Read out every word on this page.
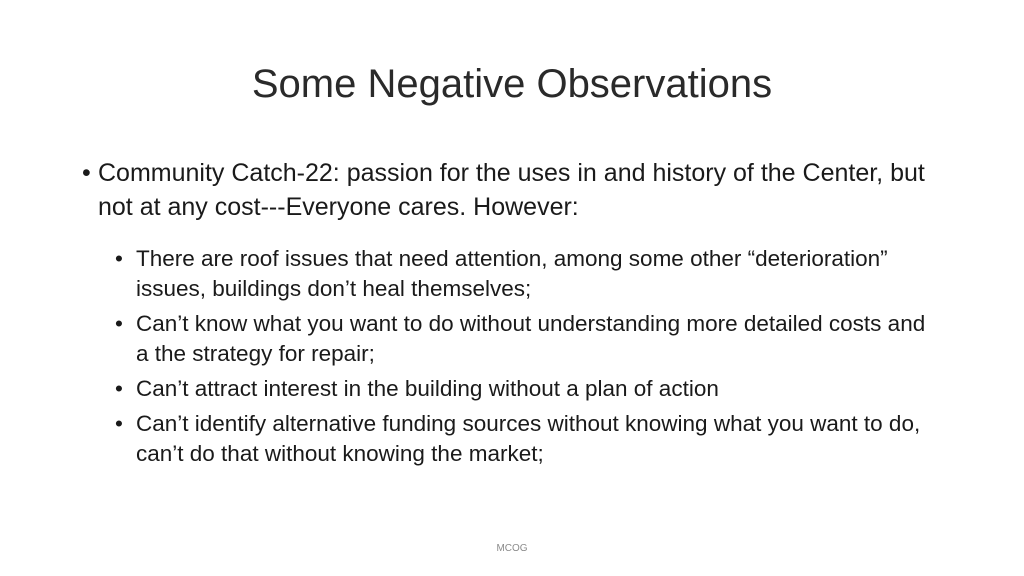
Some Negative Observations

• Community Catch-22: passion for the uses in and history of the Center, but not at any cost---Everyone cares. However:

• There are roof issues that need attention, among some other “deterioration” issues, buildings don’t heal themselves;

• Can’t know what you want to do without understanding more detailed costs and a the strategy for repair;

• Can’t attract interest in the building without a plan of action

• Can’t identify alternative funding sources without knowing what you want to do, can’t do that without knowing the market;

MCOG
